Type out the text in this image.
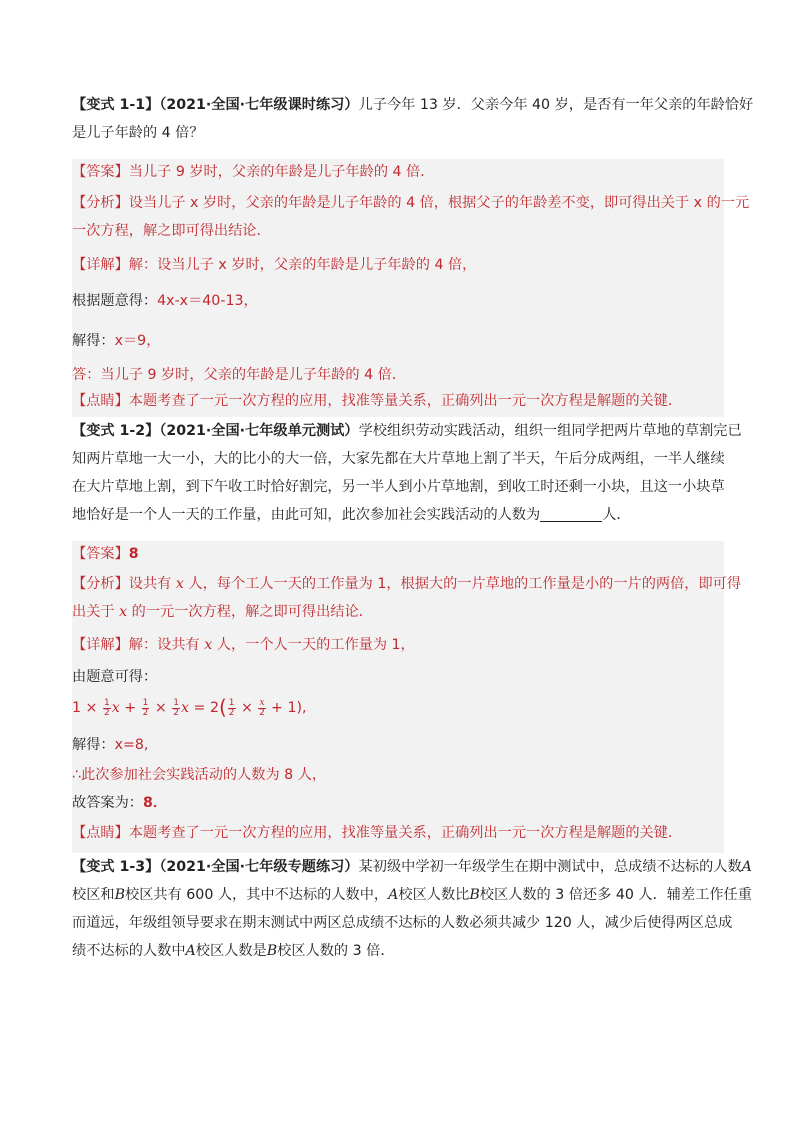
【变式 1-1】（2021·全国·七年级课时练习）儿子今年 13 岁．父亲今年 40 岁，是否有一年父亲的年龄恰好
是儿子年龄的 4 倍？
【答案】当儿子 9 岁时，父亲的年龄是儿子年龄的 4 倍．
【分析】设当儿子 x 岁时，父亲的年龄是儿子年龄的 4 倍，根据父子的年龄差不变，即可得出关于 x 的一元
一次方程，解之即可得出结论．
【详解】解：设当儿子 x 岁时，父亲的年龄是儿子年龄的 4 倍，
根据题意得：4x-x＝40-13，
解得：x＝9，
答：当儿子 9 岁时，父亲的年龄是儿子年龄的 4 倍．
【点睛】本题考查了一元一次方程的应用，找准等量关系，正确列出一元一次方程是解题的关键．
【变式 1-2】（2021·全国·七年级单元测试）学校组织劳动实践活动，组织一组同学把两片草地的草割完已
知两片草地一大一小，大的比小的大一倍，大家先都在大片草地上割了半天，午后分成两组，一半人继续
在大片草地上割，到下午收工时恰好割完，另一半人到小片草地割，到收工时还剩一小块，且这一小块草
地恰好是一个人一天的工作量，由此可知，此次参加社会实践活动的人数为	人．
【答案】8
【分析】设共有 x 人，每个工人一天的工作量为 1，根据大的一片草地的工作量是小的一片的两倍，即可得
出关于 x 的一元一次方程，解之即可得出结论．
【详解】解：设共有 x 人，一个人一天的工作量为 1，
由题意可得：
$1 \times \frac{1}{2}$ $x + \frac{1}{2} \times \frac{1}{2}$ $x = 2( \frac{1}{2} \times \frac{x}{2} + 1)$,
解得：x=8,
∴此次参加社会实践活动的人数为 8 人，
故答案为：8．
【点睛】本题考查了一元一次方程的应用，找准等量关系，正确列出一元一次方程是解题的关键．
【变式 1-3】（2021·全国·七年级专题练习）某初级中学初一年级学生在期中测试中，总成绩不达标的人数A
校区和B校区共有 600 人，其中不达标的人数中，A校区人数比B校区人数的 3 倍还多 40 人．辅差工作任重
而道远，年级组领导要求在期末测试中两区总成绩不达标的人数必须共减少 120 人，减少后使得两区总成
绩不达标的人数中A校区人数是B校区人数的 3 倍．
